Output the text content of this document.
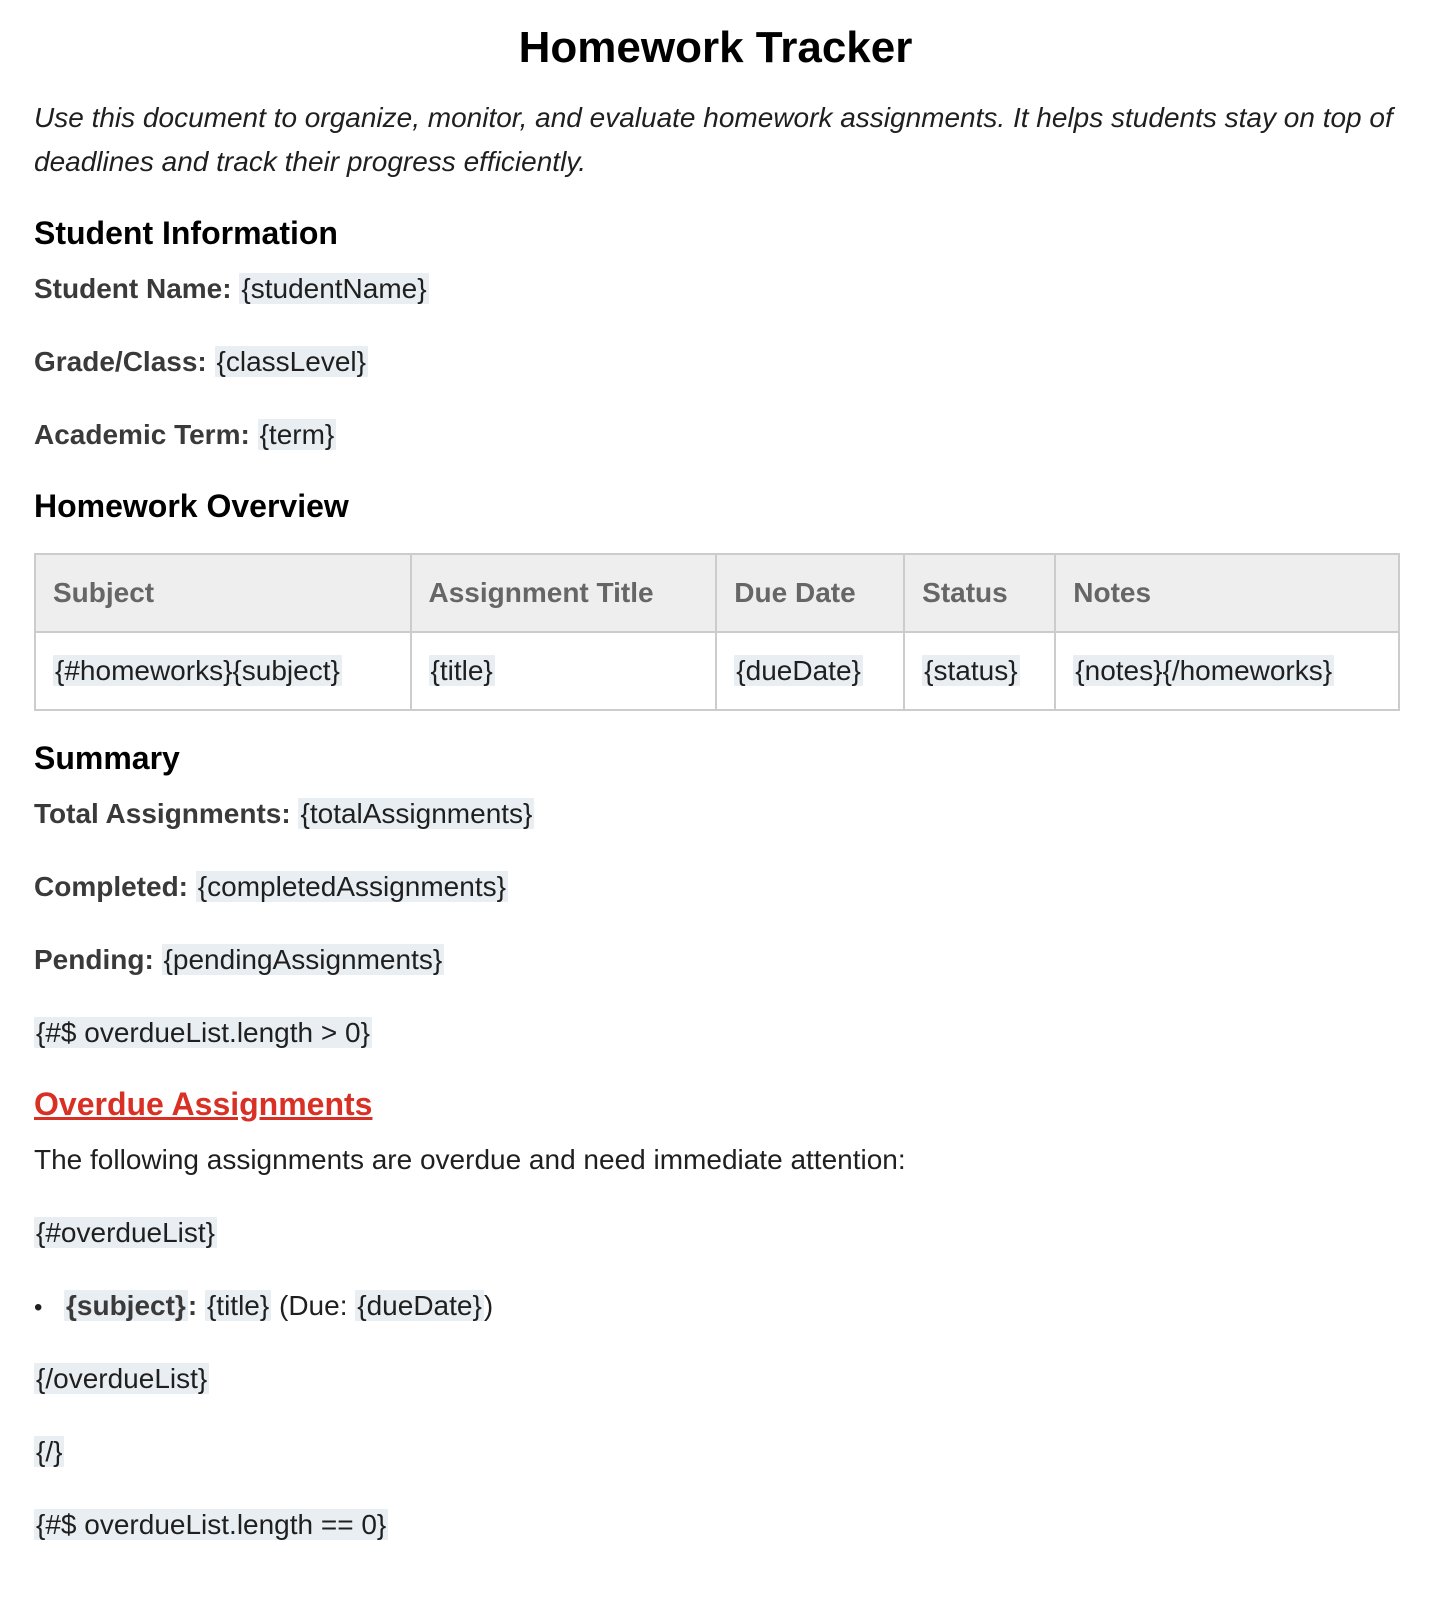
Homework Tracker

Use this document to organize, monitor, and evaluate homework assignments. It helps students stay on top of deadlines and track their progress efficiently.

Student Information

Student Name: {studentName}

Grade/Class: {classLevel}

Academic Term: {term}

Homework Overview
Subject	Assignment Title	Due Date	Status	Notes
{#homeworks}{subject}	{title}	{dueDate}	{status}	{notes}{/homeworks}
Summary

Total Assignments: {totalAssignments}

Completed: {completedAssignments}

Pending: {pendingAssignments}

{#$ overdueList.length > 0}

Overdue Assignments

The following assignments are overdue and need immediate attention:

{#overdueList}

• {subject}: {title} (Due: {dueDate})

{/overdueList}

{/}

{#$ overdueList.length == 0}
